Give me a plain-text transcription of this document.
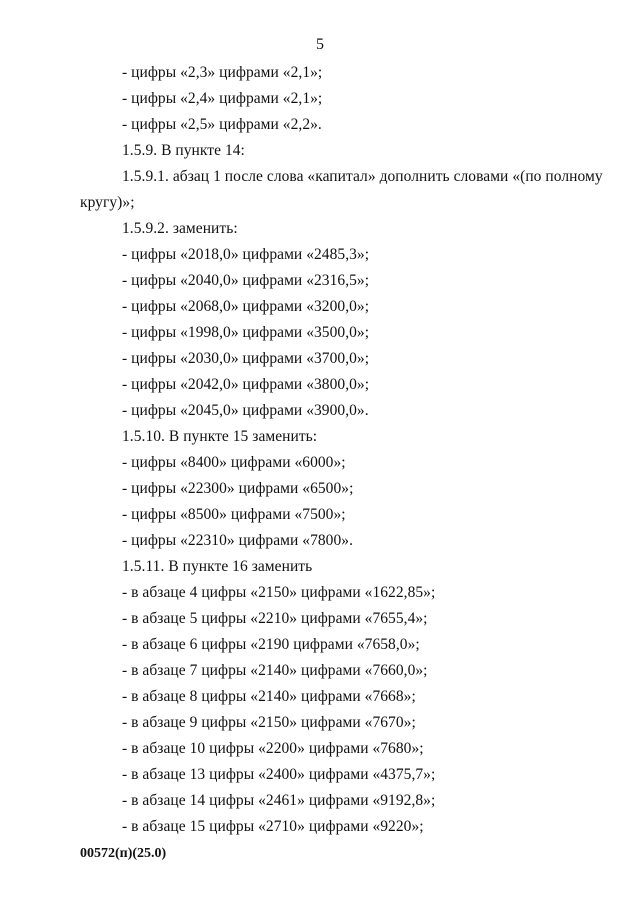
5
- цифры «2,3» цифрами «2,1»;
- цифры «2,4» цифрами «2,1»;
- цифры «2,5» цифрами «2,2».
1.5.9. В пункте 14:
1.5.9.1. абзац 1 после слова «капитал» дополнить словами «(по полному
кругу)»;
1.5.9.2. заменить:
- цифры «2018,0» цифрами «2485,3»;
- цифры «2040,0» цифрами «2316,5»;
- цифры «2068,0» цифрами «3200,0»;
- цифры «1998,0» цифрами «3500,0»;
- цифры «2030,0» цифрами «3700,0»;
- цифры «2042,0» цифрами «3800,0»;
- цифры «2045,0» цифрами «3900,0».
1.5.10. В пункте 15 заменить:
- цифры «8400» цифрами «6000»;
- цифры «22300» цифрами «6500»;
- цифры «8500» цифрами «7500»;
- цифры «22310» цифрами «7800».
1.5.11. В пункте 16 заменить
- в абзаце 4 цифры «2150» цифрами «1622,85»;
- в абзаце 5 цифры «2210» цифрами «7655,4»;
- в абзаце 6 цифры «2190 цифрами «7658,0»;
- в абзаце 7 цифры «2140» цифрами «7660,0»;
- в абзаце 8 цифры «2140» цифрами «7668»;
- в абзаце 9 цифры «2150» цифрами «7670»;
- в абзаце 10 цифры «2200» цифрами «7680»;
- в абзаце 13 цифры «2400» цифрами «4375,7»;
- в абзаце 14 цифры «2461» цифрами «9192,8»;
- в абзаце 15 цифры «2710» цифрами «9220»;
00572(п)(25.0)
